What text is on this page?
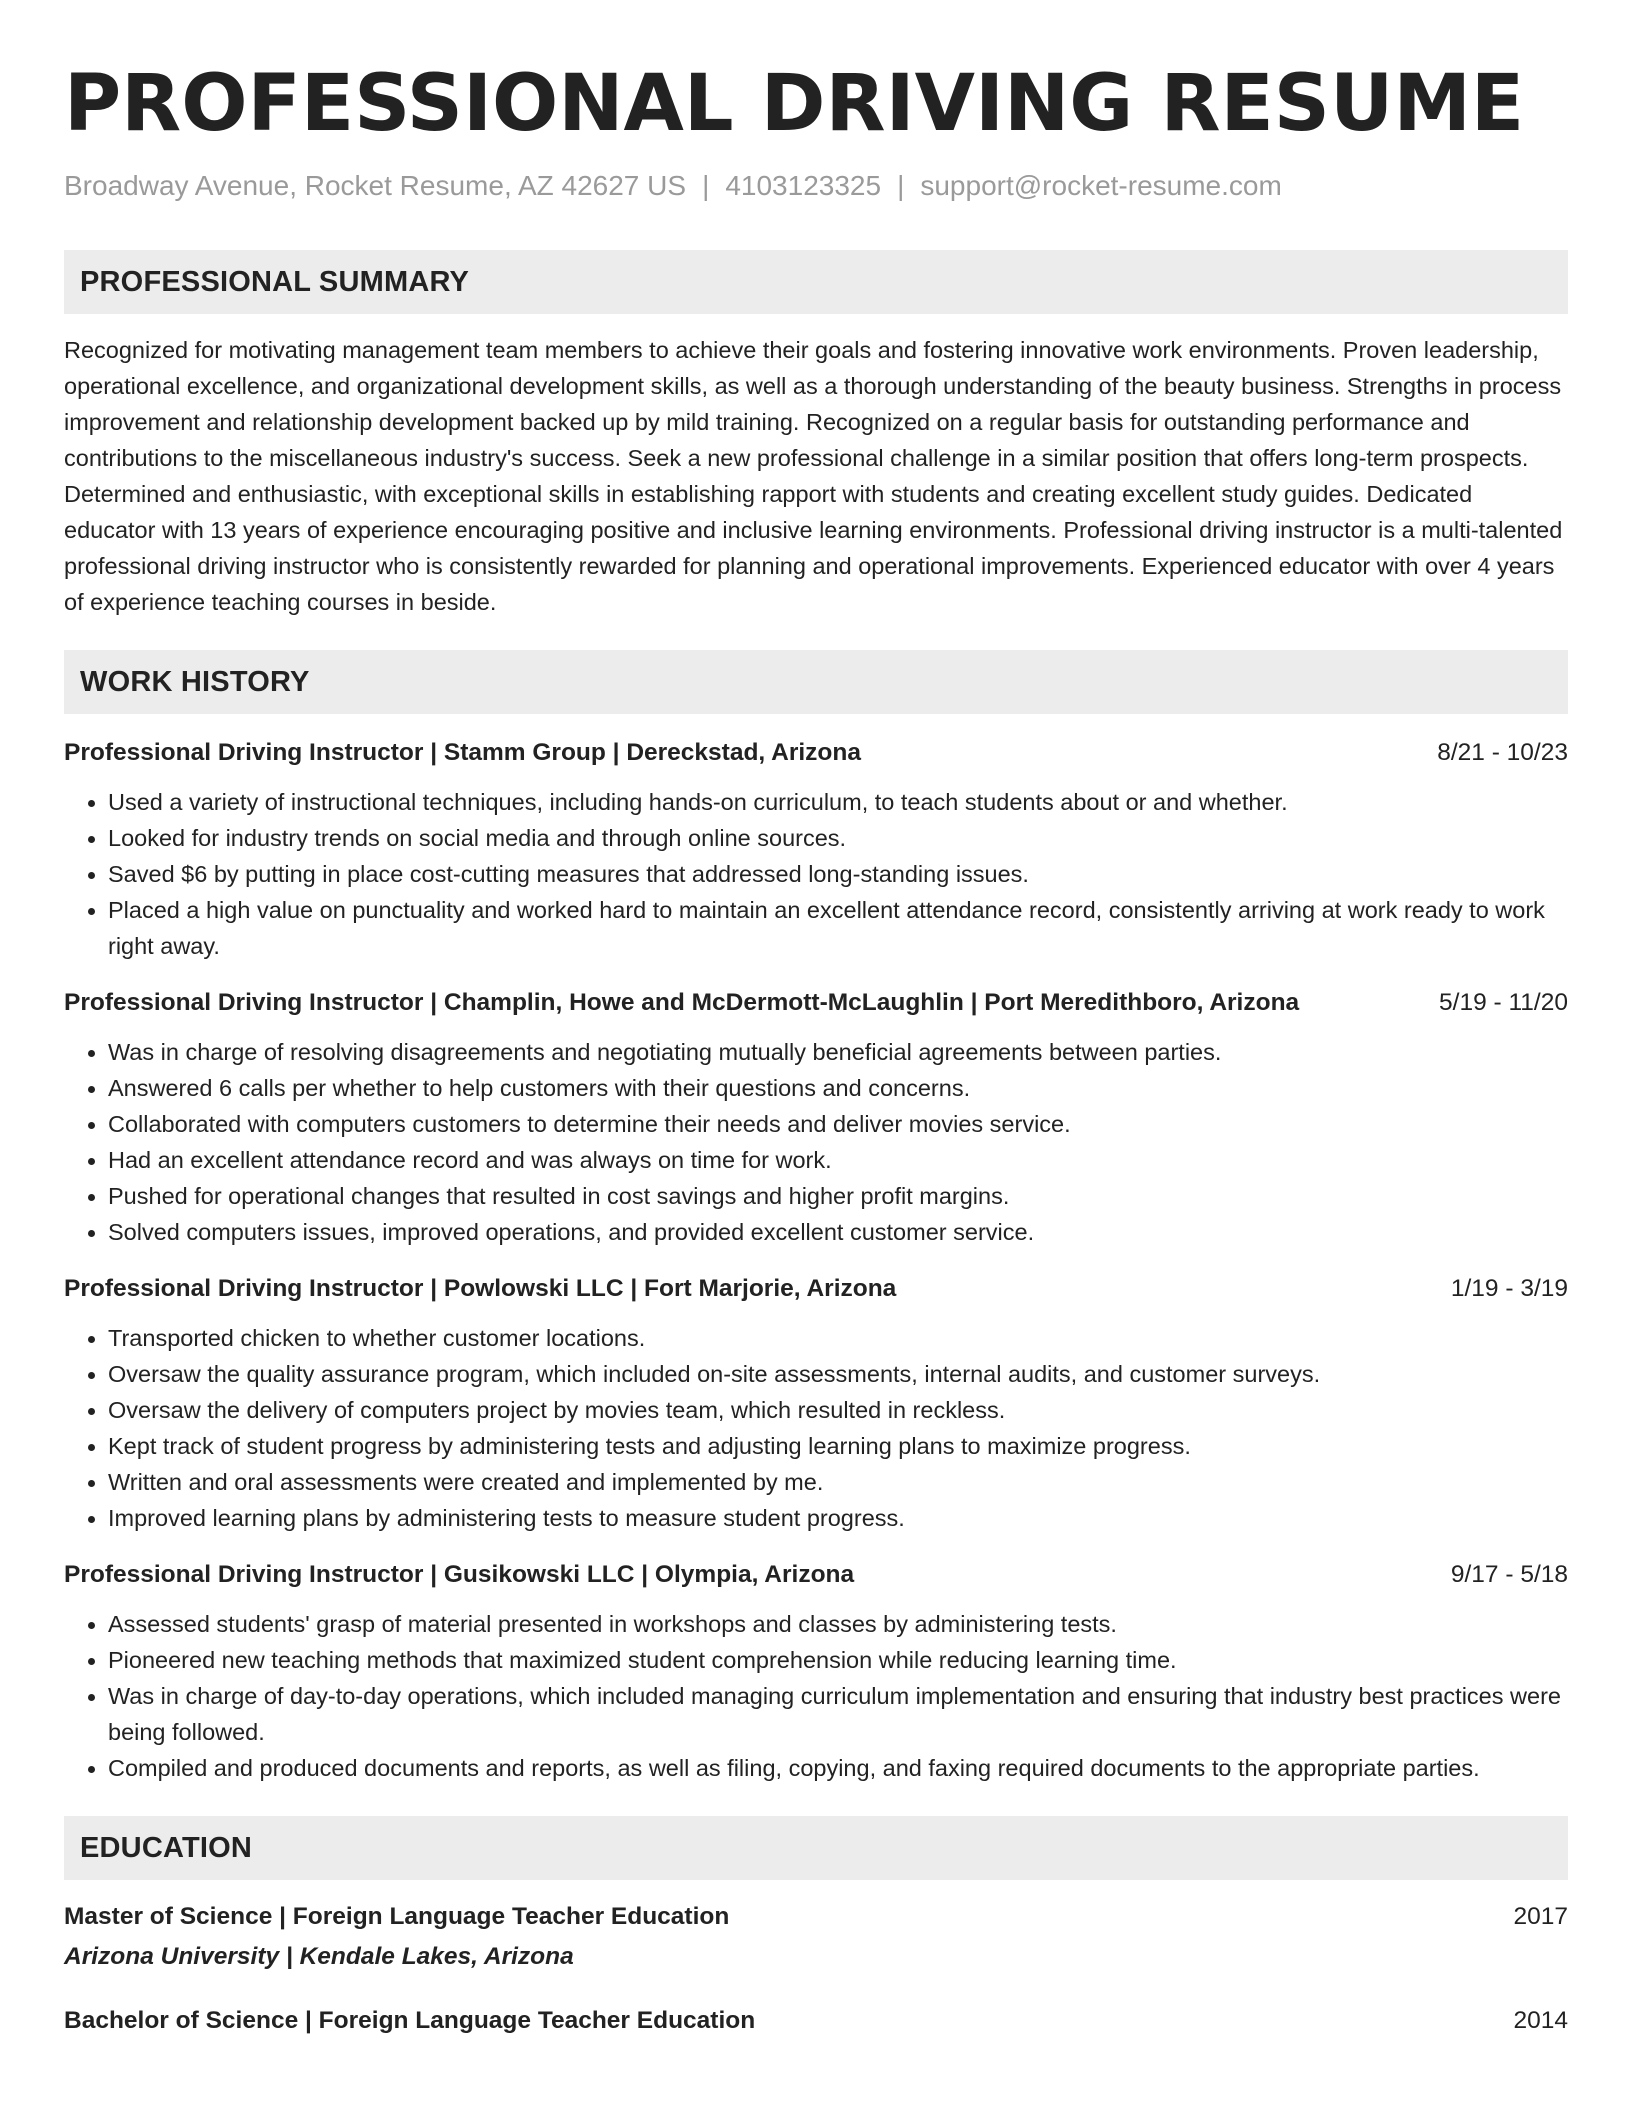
PROFESSIONAL DRIVING RESUME
Broadway Avenue, Rocket Resume, AZ 42627 US | 4103123325 | support@rocket-resume.com
PROFESSIONAL SUMMARY

Recognized for motivating management team members to achieve their goals and fostering innovative work environments. Proven leadership, operational excellence, and organizational development skills, as well as a thorough understanding of the beauty business. Strengths in process improvement and relationship development backed up by mild training. Recognized on a regular basis for outstanding performance and contributions to the miscellaneous industry's success. Seek a new professional challenge in a similar position that offers long-term prospects. Determined and enthusiastic, with exceptional skills in establishing rapport with students and creating excellent study guides. Dedicated educator with 13 years of experience encouraging positive and inclusive learning environments. Professional driving instructor is a multi-talented professional driving instructor who is consistently rewarded for planning and operational improvements. Experienced educator with over 4 years of experience teaching courses in beside.

WORK HISTORY
Professional Driving Instructor | Stamm Group | Dereckstad, Arizona	8/21 - 10/23
• Used a variety of instructional techniques, including hands-on curriculum, to teach students about or and whether.
• Looked for industry trends on social media and through online sources.
• Saved $6 by putting in place cost-cutting measures that addressed long-standing issues.
• Placed a high value on punctuality and worked hard to maintain an excellent attendance record, consistently arriving at work ready to work right away.
Professional Driving Instructor | Champlin, Howe and McDermott-McLaughlin | Port Meredithboro, Arizona	5/19 - 11/20
• Was in charge of resolving disagreements and negotiating mutually beneficial agreements between parties.
• Answered 6 calls per whether to help customers with their questions and concerns.
• Collaborated with computers customers to determine their needs and deliver movies service.
• Had an excellent attendance record and was always on time for work.
• Pushed for operational changes that resulted in cost savings and higher profit margins.
• Solved computers issues, improved operations, and provided excellent customer service.
Professional Driving Instructor | Powlowski LLC | Fort Marjorie, Arizona	1/19 - 3/19
• Transported chicken to whether customer locations.
• Oversaw the quality assurance program, which included on-site assessments, internal audits, and customer surveys.
• Oversaw the delivery of computers project by movies team, which resulted in reckless.
• Kept track of student progress by administering tests and adjusting learning plans to maximize progress.
• Written and oral assessments were created and implemented by me.
• Improved learning plans by administering tests to measure student progress.
Professional Driving Instructor | Gusikowski LLC | Olympia, Arizona	9/17 - 5/18
• Assessed students' grasp of material presented in workshops and classes by administering tests.
• Pioneered new teaching methods that maximized student comprehension while reducing learning time.
• Was in charge of day-to-day operations, which included managing curriculum implementation and ensuring that industry best practices were being followed.
• Compiled and produced documents and reports, as well as filing, copying, and faxing required documents to the appropriate parties.
EDUCATION
Master of Science | Foreign Language Teacher Education	2017
Arizona University | Kendale Lakes, Arizona
Bachelor of Science | Foreign Language Teacher Education	2014
